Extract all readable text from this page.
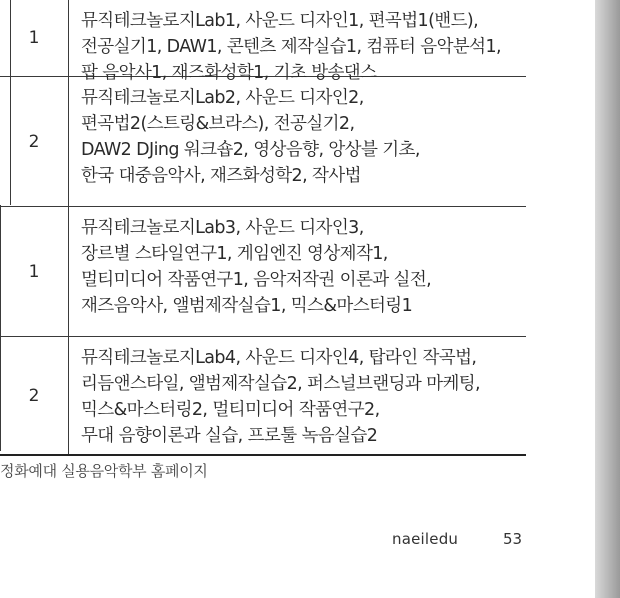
1
뮤직테크놀로지Lab1, 사운드 디자인1, 편곡법1(밴드),
전공실기1, DAW1, 콘텐츠 제작실습1, 컴퓨터 음악분석1,
팝 음악사1, 재즈화성학1, 기초 방송댄스
2
뮤직테크놀로지Lab2, 사운드 디자인2,
편곡법2(스트링&브라스), 전공실기2,
DAW2 DJing 워크숍2, 영상음향, 앙상블 기초,
한국 대중음악사, 재즈화성학2, 작사법
1
뮤직테크놀로지Lab3, 사운드 디자인3,
장르별 스타일연구1, 게임엔진 영상제작1,
멀티미디어 작품연구1, 음악저작권 이론과 실전,
재즈음악사, 앨범제작실습1, 믹스&마스터링1
2
뮤직테크놀로지Lab4, 사운드 디자인4, 탑라인 작곡법,
리듬앤스타일, 앨범제작실습2, 퍼스널브랜딩과 마케팅,
믹스&마스터링2, 멀티미디어 작품연구2,
무대 음향이론과 실습, 프로툴 녹음실습2
정화예대 실용음악학부 홈페이지
naeiledu	53
